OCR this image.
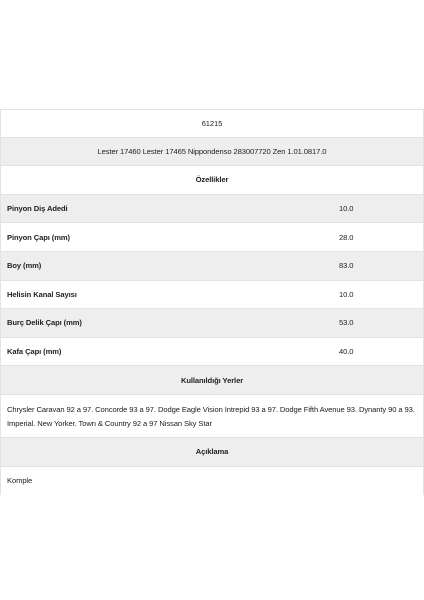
61215
Lester 17460 Lester 17465 Nippondenso 283007720 Zen 1.01.0817.0
Özellikler
Pinyon Diş Adedi	10.0
Pinyon Çapı (mm)	28.0
Boy (mm)	83.0
Helisin Kanal Sayısı	10.0
Burç Delik Çapı (mm)	53.0
Kafa Çapı (mm)	40.0
Kullanıldığı Yerler
Chrysler Caravan 92 a 97. Concorde 93 a 97. Dodge Eagle Vision Intrepid 93 a 97. Dodge Fifth Avenue 93. Dynanty 90 a 93. Imperial. New Yorker. Town & Country 92 a 97 Nissan Sky Star
Açıklama
Komple
